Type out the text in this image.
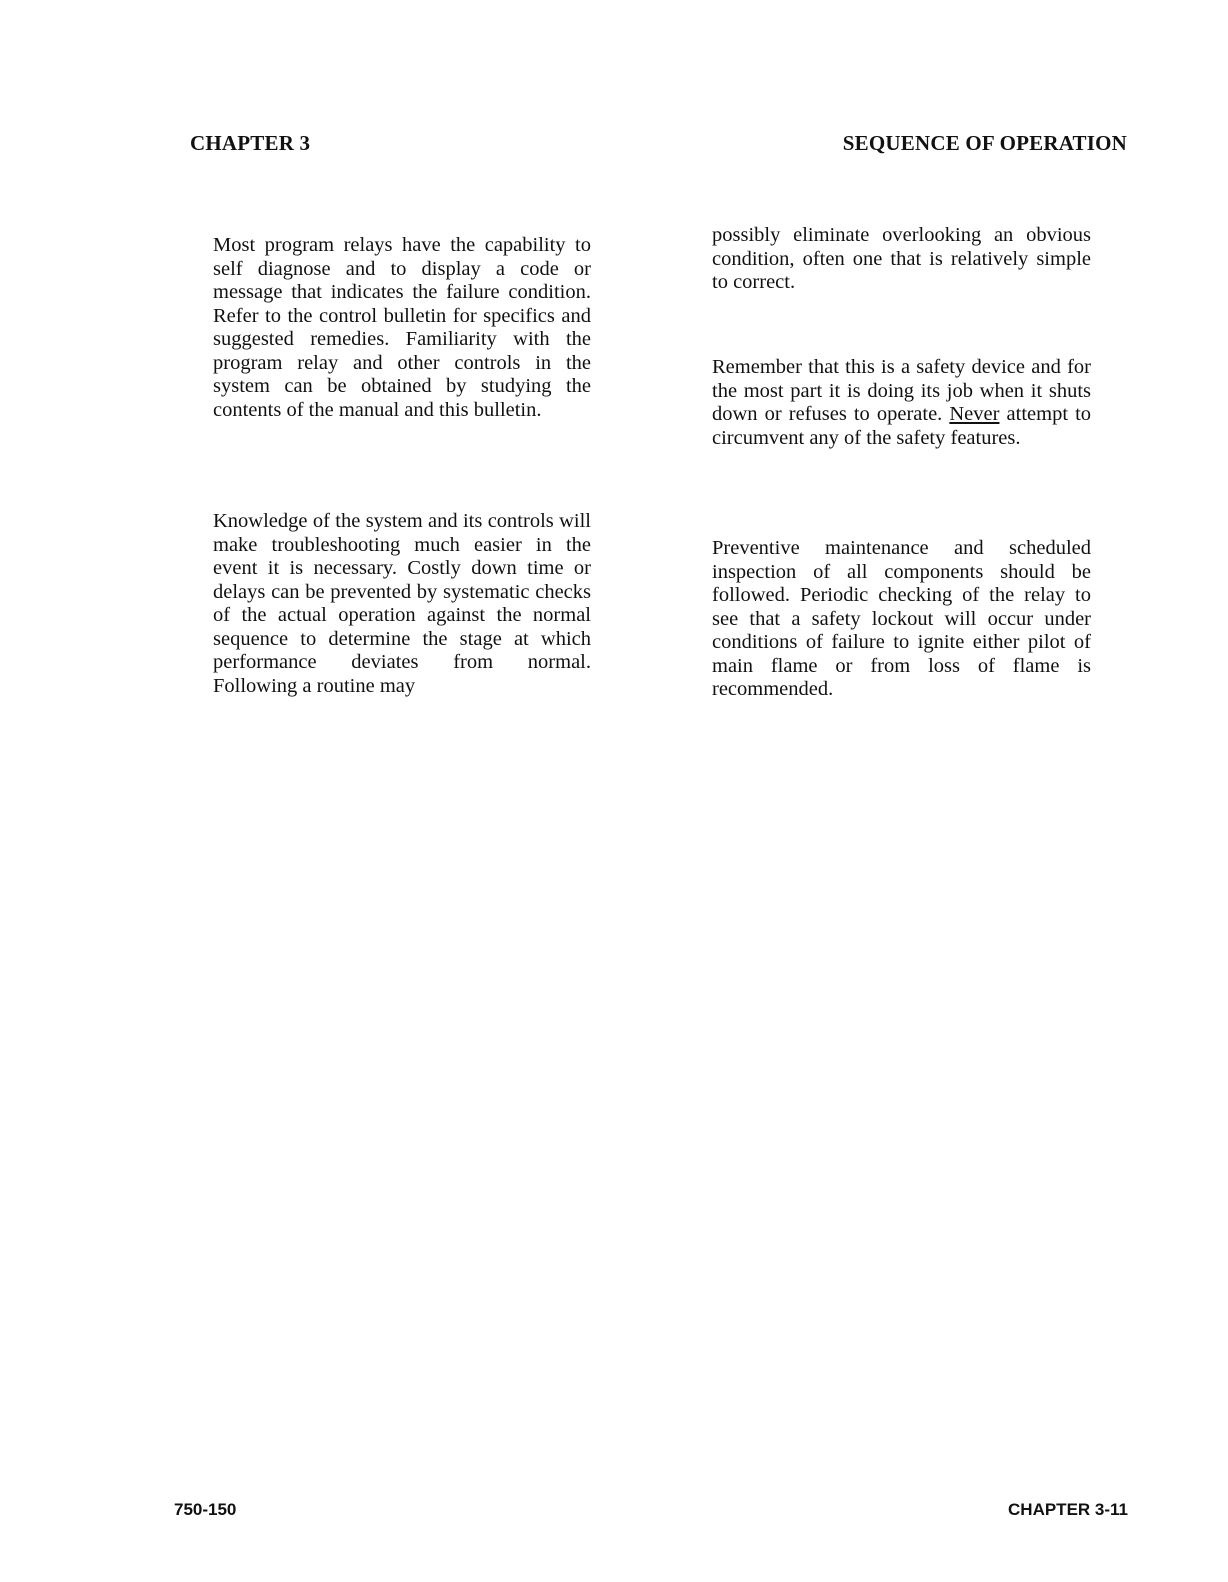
CHAPTER 3	SEQUENCE OF OPERATION

Most program relays have the capability to self diagnose and to display a code or message that indicates the failure condition. Refer to the control bulletin for specifics and suggested remedies. Familiarity with the program relay and other controls in the system can be obtained by studying the contents of the manual and this bulletin.

Knowledge of the system and its controls will make troubleshooting much easier in the event it is necessary. Costly down time or delays can be prevented by systematic checks of the actual operation against the normal sequence to determine the stage at which performance deviates from normal. Following a routine may

possibly eliminate overlooking an obvious condition, often one that is relatively simple to correct.

Remember that this is a safety device and for the most part it is doing its job when it shuts down or refuses to operate. Never attempt to circumvent any of the safety features.

Preventive maintenance and scheduled inspection of all components should be followed. Periodic checking of the relay to see that a safety lockout will occur under conditions of failure to ignite either pilot of main flame or from loss of flame is recommended.

750-150	CHAPTER 3-11
